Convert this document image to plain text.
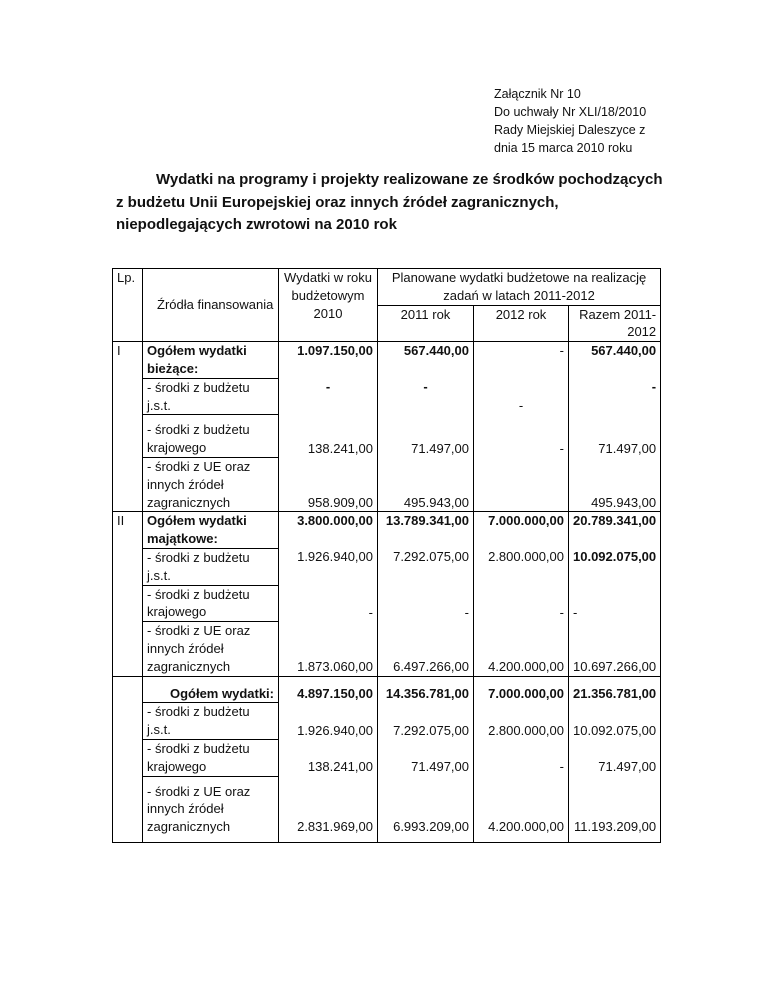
Załącznik Nr 10
Do uchwały Nr XLI/18/2010
Rady Miejskiej Daleszyce z
dnia 15 marca 2010 roku
Wydatki na programy i projekty realizowane ze środków pochodzących
z budżetu Unii Europejskiej oraz innych źródeł zagranicznych,
niepodlegających zwrotowi na 2010 rok
Lp.	Źródła finansowania	Wydatki w roku budżetowym 2010	Planowane wydatki budżetowe na realizację zadań w latach 2011-2012		
			2011 rok	2012 rok	Razem 2011-2012
I	Ogółem wydatki bieżące:	1.097.150,00	567.440,00	-	567.440,00
	- środki z budżetu j.s.t.	-	-	-	-
	- środki z budżetu krajowego	138.241,00	71.497,00	-	71.497,00
	- środki z UE oraz innych źródeł zagranicznych	958.909,00	495.943,00		495.943,00
II	Ogółem wydatki majątkowe:	3.800.000,00	13.789.341,00	7.000.000,00	20.789.341,00
	- środki z budżetu j.s.t.	1.926.940,00	7.292.075,00	2.800.000,00	10.092.075,00
	- środki z budżetu krajowego	-	-	-	-
	- środki z UE oraz innych źródeł zagranicznych	1.873.060,00	6.497.266,00	4.200.000,00	10.697.266,00

	Ogółem wydatki:	4.897.150,00	14.356.781,00	7.000.000,00	21.356.781,00
	- środki z budżetu j.s.t.	1.926.940,00	7.292.075,00	2.800.000,00	10.092.075,00
	- środki z budżetu krajowego	138.241,00	71.497,00	-	71.497,00
	- środki z UE oraz innych źródeł zagranicznych	2.831.969,00	6.993.209,00	4.200.000,00	11.193.209,00
